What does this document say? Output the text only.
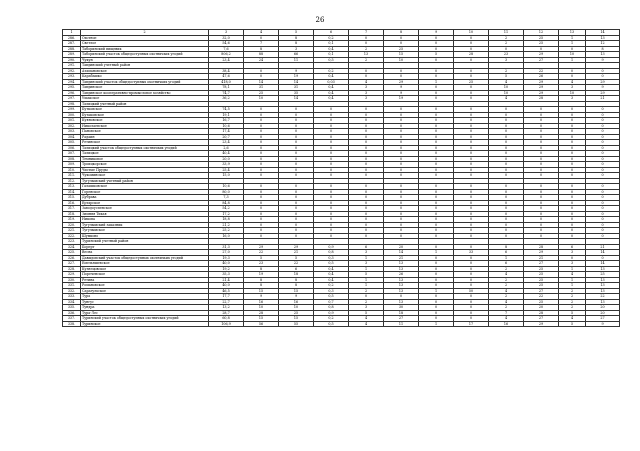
26
1	2	3	4	5	6	7	8	9	10	11	12	13	14
286.	Охотное	32,0	0	8	0,2	0	0	0	0	2	25	1	13
287.	Светлое	54,6	7	8	0,1	0	0	0	0	2	25	1	12
288.	Таборинский пищевик	7,6	8	3	0,4	2	25	0	0	0	0	0	8
289.	Таборинский участок общедоступных охотничьих угодий	806,2	88	66	0,1	13	15	5	28	23	29	10	13
290.	Чукун	23,4	24	11	0,5	2	10	0	0	3	27	1	9
291.	Тавдинский учетный район												
292.	Атамановское	38,4	0	9	0,2	0	0	0	0	2	22	0	0
293.	Карабашко	47,6	0	19	0,4	0	0	0	0	5	26	0	0
294.	Тавдинский участок общедоступных охотничьих угодий	418,0	14	14	0,03	4	29	1	25	4	29	4	29
295.	Тавдинское	78,1	31	31	0,4	3	9	0	0	10	29	3	9
296.	Тавдинское кооперативно-промысловое хозяйство	74,7	25	35	0,4	3	9	0	0	10	29	10	29
297.	Ушакское	36,2	10	14	0,4	3	19	0	0	4	28	3	21
298.	Талицкий учетный район												
299.	Бутковское	74,5	0	0	0	0	0	0	0	0	0	0	0
300.	Бутаковское	19,1	0	0	0	0	0	0	0	0	0	0	0
301.	Куяновское	16,7	0	0	0	0	0	0	0	0	0	0	0
302.	Николаевское	10,6	0	0	0	0	0	0	0	0	0	0	0
303.	Пановское	17,4	0	0	0	0	0	0	0	0	0	0	0
304.	Радаин	20,7	0	0	0	0	0	0	0	0	0	0	0
305.	Ретинское	23,4	0	0	0	0	0	0	0	0	0	0	0
306.	Талицкий участок общедоступных охотничьих угодий	2,6	0	0	0	0	0	0	0	0	0	0	0
307.	Талицкое	40,4	0	0	0	0	0	0	0	0	0	0	0
308.	Темниковое	20,0	0	0	0	0	0	0	0	0	0	0	0
309.	Троицкорское	33,9	0	0	0	0	0	0	0	0	0	0	0
310.	Чистые Пруды	25,4	0	0	0	0	0	0	0	0	0	0	0
311.	Чукоминское	15,0	0	0	0	0	0	0	0	0	0	0	0
312.	Тугулымский учетный район												
313.	Галашковское	10,6	0	0	0	0	0	0	0	0	0	0	0
314.	Горенское	80,0	0	0	0	0	0	0	0	0	0	0	0
315.	Дубрава	7,3	0	0	0	0	0	0	0	0	0	0	0
316.	Ертарское	84,8	0	0	0	0	0	0	0	0	0	0	0
317.	Заводоуспенское	54,2	0	0	0	0	0	0	0	0	0	0	0
318.	Зимняя Тихая	17,2	0	0	0	0	0	0	0	0	0	0	0
319.	Никова	18,8	0	0	0	0	0	0	0	0	0	0	0
320.	Тугулымский заказник	21,2	0	0	0	0	0	0	0	0	0	0	0
321.	Тугулымское	25,2	0	0	0	0	0	0	0	0	0	0	0
322.	Шумково	16,0	0	0	0	0	0	0	0	0	0	0	0
323.	Туринский учетный район												
324.	Борерт	31,3	29	29	0,9	6	20	0	0	8	28	6	21
325.	Весна	27,0	22	21	0,8	3	14	1	33	6	29	3	14
326.	Давыдовский участок общедоступных охотничьих угодий	19,3	5	5	0,3	1	21	0	0	1	21	0	0
327.	Емельяшевское	40,0	23	22	0,5	3	13	0	0	6	27	3	14
328.	Кузнецовское	19,2	8	6	0,4	1	13	0	0	2	25	1	13
329.	Пореченское	35,3	19	18	0,4	5	26	0	0	4	25	4	25
330.	Ретина	21,4	8	8	0,4	1	13	0	0	2	25	1	13
331.	Романовское	40,0	8	8	0,2	1	13	0	0	2	25	1	13
332.	Сарагульское	46,5	15	15	0,3	2	13	1	50	4	27	2	13
333.	Тура	17,7	9	9	0,5	0	0	0	0	2	22	2	22
334.	Тунгус	22,7	16	16	0,7	2	13	0	0	4	25	2	13
335.	Тундра	13,2	10	10	0,8	3	30	0	0	2	20	2	20
336.	Тура-Лес	28,7	28	25	0,9	5	18	0	0	7	28	5	20
337.	Туринский участок общедоступных охотничьих угодий	60,8	15	15	0,2	4	27	0	0	4	27	4	27
338.	Туринское	106,9	56	55	0,5	4	11	1	17	16	29	5	9
